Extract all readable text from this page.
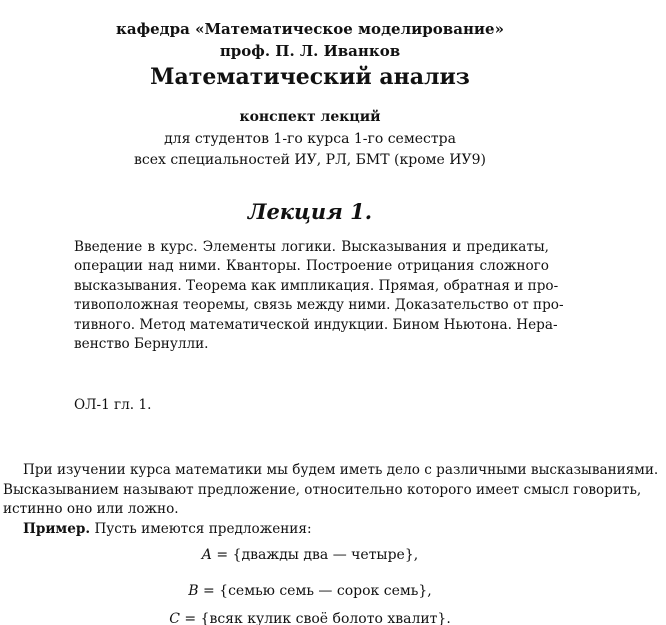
кафедра «Математическое моделирование»
проф. П. Л. Иванков
Математический анализ
конспект лекций
для студентов 1-го курса 1-го семестра
всех специальностей ИУ, РЛ, БМТ (кроме ИУ9)
Лекция 1.
Введение в курс. Элементы логики. Высказывания и предикаты,
операции над ними. Кванторы. Построение отрицания сложного
высказывания. Теорема как импликация. Прямая, обратная и про-
тивоположная теоремы, связь между ними. Доказательство от про-
тивного. Метод математической индукции. Бином Ньютона. Нера-
венство Бернулли.
ОЛ-1 гл. 1.
При изучении курса математики мы будем иметь дело с различными высказываниями.
Высказыванием называют предложение, относительно которого имеет смысл говорить,
истинно оно или ложно.
Пример. Пусть имеются предложения:
A = {дважды два — четыре},
B = {семью семь — сорок семь},
C = {всяк кулик своё болото хвалит}.
